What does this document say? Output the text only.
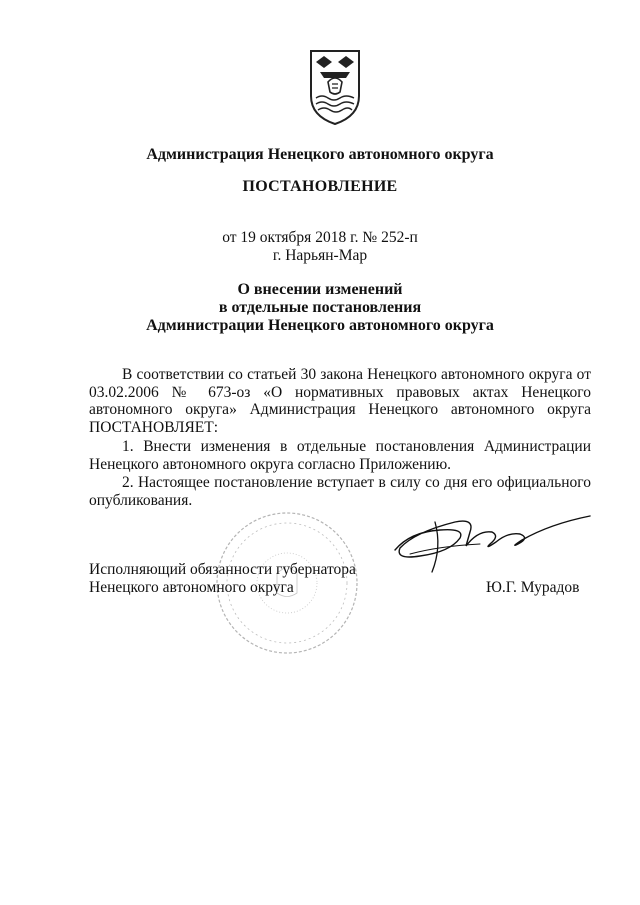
Администрация Ненецкого автономного округа
ПОСТАНОВЛЕНИЕ
от 19 октября 2018 г. № 252-п
г. Нарьян-Мар
О внесении изменений
в отдельные постановления
Администрации Ненецкого автономного округа
В соответствии со статьей 30 закона Ненецкого автономного округа от 03.02.2006 № 673-оз «О нормативных правовых актах Ненецкого автономного округа» Администрация Ненецкого автономного округа ПОСТАНОВЛЯЕТ:
1. Внести изменения в отдельные постановления Администрации Ненецкого автономного округа согласно Приложению.
2. Настоящее постановление вступает в силу со дня его официального опубликования.
Исполняющий обязанности губернатора
Ненецкого автономного округа	Ю.Г. Мурадов
